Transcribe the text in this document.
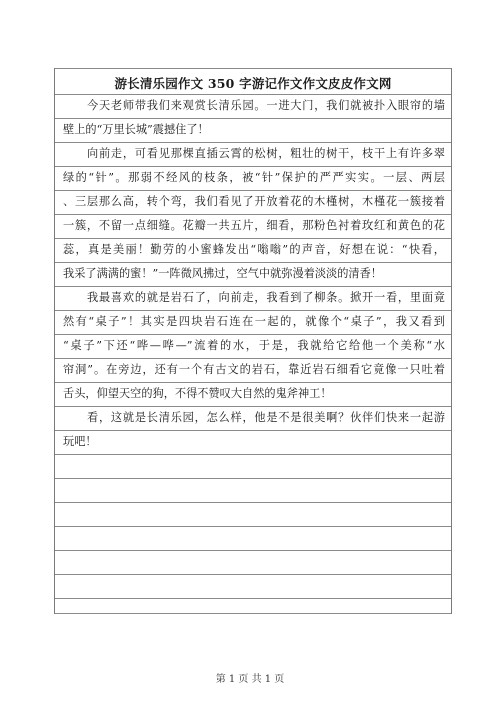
游长清乐园作文 350 字游记作文作文皮皮作文网
今天老师带我们来观赏长清乐园。一进大门，我们就被扑入眼帘的墙
壁上的“万里长城”震撼住了！
向前走，可看见那棵直插云霄的松树，粗壮的树干，枝干上有许多翠
绿的“针”。那弱不经风的枝条，被“针”保护的严严实实。一层、两层
、三层那么高，转个弯，我们看见了开放着花的木槿树，木槿花一簇接着
一簇，不留一点细缝。花瓣一共五片，细看，那粉色衬着玫红和黄色的花
蕊，真是美丽！勤劳的小蜜蜂发出“嗡嗡”的声音，好想在说：“快看，
我采了满满的蜜！”一阵微风拂过，空气中就弥漫着淡淡的清香！
我最喜欢的就是岩石了，向前走，我看到了柳条。掀开一看，里面竟
然有“桌子”！其实是四块岩石连在一起的，就像个“桌子”，我又看到
“桌子”下还“哗—哗—”流着的水，于是，我就给它给他一个美称“水
帘洞”。在旁边，还有一个有古文的岩石，靠近岩石细看它竟像一只吐着
舌头，仰望天空的狗，不得不赞叹大自然的鬼斧神工！
看，这就是长清乐园，怎么样，他是不是很美啊？伙伴们快来一起游
玩吧！
第 1 页 共 1 页
